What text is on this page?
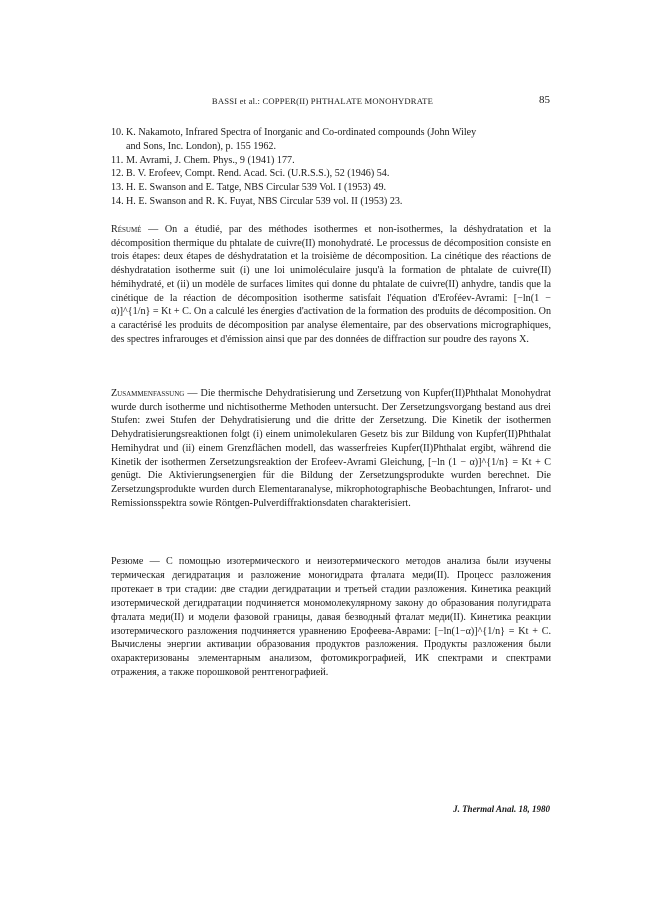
BASSI et al.: COPPER(II) PHTHALATE MONOHYDRATE	85

10. K. Nakamoto, Infrared Spectra of Inorganic and Co-ordinated compounds (John Wiley
and Sons, Inc. London), p. 155 1962.

11. M. Avrami, J. Chem. Phys., 9 (1941) 177.

12. B. V. Erofeev, Compt. Rend. Acad. Sci. (U.R.S.S.), 52 (1946) 54.

13. H. E. Swanson and E. Tatge, NBS Circular 539 Vol. I (1953) 49.

14. H. E. Swanson and R. K. Fuyat, NBS Circular 539 vol. II (1953) 23.

Résumé — On a étudié, par des méthodes isothermes et non-isothermes, la déshydratation et la décomposition thermique du phtalate de cuivre(II) monohydraté. Le processus de décomposition consiste en trois étapes: deux étapes de déshydratation et la troisième de décomposition. La cinétique des réactions de déshydratation isotherme suit (i) une loi unimoléculaire jusqu'à la formation de phtalate de cuivre(II) hémihydraté, et (ii) un modèle de surfaces limites qui donne du phtalate de cuivre(II) anhydre, tandis que la cinétique de la réaction de décomposition isotherme satisfait l'équation d'Eroféev-Avrami: [−ln(1 − α)]^{1/n} = Kt + C. On a calculé les énergies d'activation de la formation des produits de décomposition. On a caractérisé les produits de décomposition par analyse élementaire, par des observations micrographiques, des spectres infrarouges et d'émission ainsi que par des données de diffraction sur poudre des rayons X.

Zusammenfassung — Die thermische Dehydratisierung und Zersetzung von Kupfer(II)Phthalat Monohydrat wurde durch isotherme und nichtisotherme Methoden untersucht. Der Zersetzungsvorgang bestand aus drei Stufen: zwei Stufen der Dehydratisierung und die dritte der Zersetzung. Die Kinetik der isothermen Dehydratisierungsreaktionen folgt (i) einem unimolekularen Gesetz bis zur Bildung von Kupfer(II)Phthalat Hemihydrat und (ii) einem Grenzflächen modell, das wasserfreies Kupfer(II)Phthalat ergibt, während die Kinetik der isothermen Zersetzungsreaktion der Erofeev-Avrami Gleichung, [−ln (1 − α)]^{1/n} = Kt + C genügt. Die Aktivierungsenergien für die Bildung der Zersetzungsprodukte wurden berechnet. Die Zersetzungsprodukte wurden durch Elementaranalyse, mikrophotographische Beobachtungen, Infrarot- und Remissionsspektra sowie Röntgen-Pulverdiffraktionsdaten charakterisiert.

Резюме — С помощью изотермического и неизотермического методов анализа были изучены термическая дегидратация и разложение моногидрата фталата меди(II). Процесс разложения протекает в три стадии: две стадии дегидратации и третьей стадии разложения. Кинетика реакций изотермической дегидратации подчиняется мономолекулярному закону до образования полугидрата фталата меди(II) и модели фазовой границы, давая безводный фталат меди(II). Кинетика реакции изотермического разложения подчиняется уравнению Ерофеева-Аврами: [−ln(1−α)]^{1/n} = Kt + C. Вычислены энергии активации образования продуктов разложения. Продукты разложения были охарактеризованы элементарным анализом, фотомикрографией, ИК спектрами и спектрами отражения, а также порошковой рентгенографией.

J. Thermal Anal. 18, 1980
